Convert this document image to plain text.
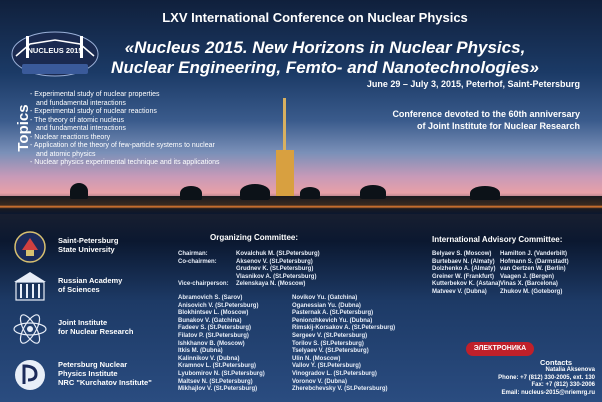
NUCLEUS 2015
LXV International Conference on Nuclear Physics
«Nucleus 2015. New Horizons in Nuclear Physics,
Nuclear Engineering, Femto- and Nanotechnologies»
June 29 – July 3, 2015, Peterhof, Saint-Petersburg
Conference devoted to the 60th anniversary
of Joint Institute for Nuclear Research
Topics
- Experimental study of nuclear properties
and fundamental interactions
- Experimental study of nuclear reactions
- The theory of atomic nucleus
and fundamental interactions
- Nuclear reactions theory
- Application of the theory of few-particle systems to nuclear
and atomic physics
- Nuclear physics experimental technique and its applications
Saint-Petersburg
State University
Russian Academy
of Sciences
Joint Institute
for Nuclear Research
Petersburg Nuclear
Physics Institute
NRC "Kurchatov Institute"
Organizing Committee:
Chairman:
Co-chairmen:
Vice-chairperson:
Kovalchuk M. (St.Petersburg)
Aksenov V. (St.Petersburg)
Grudnev K. (St.Petersburg)
Vlasnikov A. (St.Petersburg)
Zelenskaya N. (Moscow)
Abramovich S. (Sarov)
Anisovich V. (St.Petersburg)
Blokhintsev L. (Moscow)
Bunakov V. (Gatchina)
Fadeev S. (St.Petersburg)
Filatov P. (St.Petersburg)
Ishkhanov B. (Moscow)
Itkis M. (Dubna)
Kalinnikov V. (Dubna)
Kramnov L. (St.Petersburg)
Lyubomirov N. (St.Petersburg)
Maltsev N. (St.Petersburg)
Mikhajlov V. (St.Petersburg)
Novikov Yu. (Gatchina)
Oganessian Yu. (Dubna)
Pasternak A. (St.Petersburg)
Penionzhkevich Yu. (Dubna)
Rimskij-Korsakov A. (St.Petersburg)
Sergeev V. (St.Petersburg)
Torilov S. (St.Petersburg)
Tselyaev V. (St.Petersburg)
Ulin N. (Moscow)
Vallov Y. (St.Petersburg)
Vinogradov L. (St.Petersburg)
Voronov V. (Dubna)
Zherebchevsky V. (St.Petersburg)
International Advisory Committee:
Belyaev S. (Moscow)
Burtebaev N. (Almaty)
Dolzhenko A. (Almaty)
Greiner W. (Frankfurt)
Kutterbekov K. (Astana)
Matveev V. (Dubna)
Hamilton J. (Vanderbilt)
Hofmann S. (Darmstadt)
van Oertzen W. (Berlin)
Vaagen J. (Bergen)
Vinas X. (Barcelona)
Zhukov M. (Goteborg)
ЭЛЕКТРОНИКА
Contacts
Natalia Aksenova
Phone: +7 (812) 330-2005, ext. 130
Fax: +7 (812) 330-2006
Email: nucleus-2015@nriemrg.ru
